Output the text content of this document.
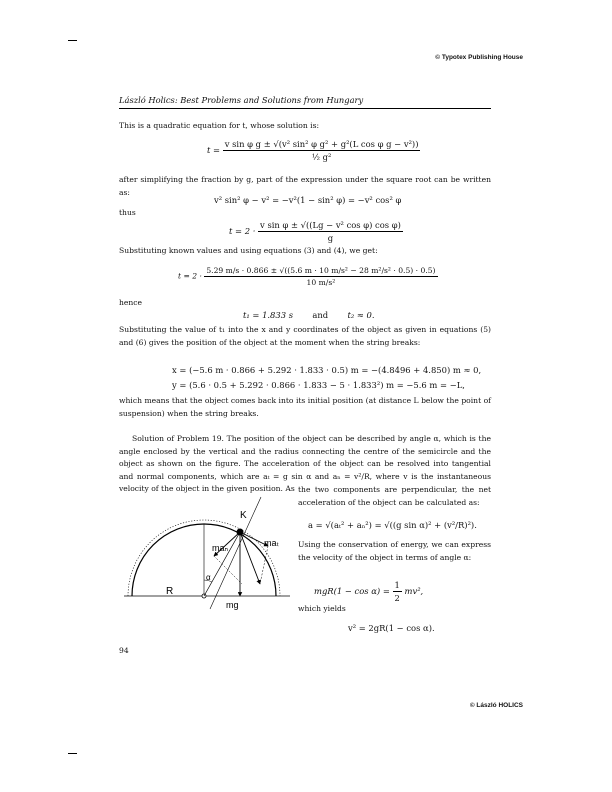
© Typotex Publishing House
László Holics: Best Problems and Solutions from Hungary
This is a quadratic equation for t, whose solution is:
$t = \frac{\text{v sin φ g ± √(v² sin² φ g² + g²(L cos φ g − v²))}}{\text{½ g²}}$
after simplifying the fraction by g, part of the expression under the square root can be written as:
v² sin² φ − v² = −v²(1 − sin² φ) = −v² cos² φ
thus
$t = 2 \cdot \frac{\text{v sin φ ± √((Lg − v² cos φ) cos φ)}}{g}$
Substituting known values and using equations (3) and (4), we get:
t = 2 ·
5.29 m/s · 0.866 ± √((5.6 m · 10 m/s² − 28 m²/s² · 0.5) · 0.5)
10 m/s²
hence
t₁ = 1.833 s and t₂ ≈ 0.
Substituting the value of t₁ into the x and y coordinates of the object as given in equations (5) and (6) gives the position of the object at the moment when the string breaks:
x = (−5.6 m · 0.866 + 5.292 · 1.833 · 0.5) m = −(4.8496 + 4.850) m ≈ 0,
y = (5.6 · 0.5 + 5.292 · 0.866 · 1.833 − 5 · 1.833²) m = −5.6 m = −L,
which means that the object comes back into its initial position (at distance L below the point of suspension) when the string breaks.
Solution of Problem 19. The position of the object can be described by angle α, which is the angle enclosed by the vertical and the radius connecting the centre of the semicircle and the object as shown on the figure. The acceleration of the object can be resolved into tangential and normal components, which are aₜ = g sin α and aₙ = v²/R, where v is the instantaneous velocity of the object in the given position. As the two components are perpendicular, the net acceleration of the object can be calculated as:
a = √(aₜ² + aₙ²) = √((g sin α)² + (v²/R)²).
Using the conservation of energy, we can express the velocity of the object in terms of angle α:
$mgR(1 - \cos \alpha) = \frac{1}{2} mv^2$,
which yields
v² = 2gR(1 − cos α).
94
K
maₙ	maₜ
α
R
mg
© László HOLICS
